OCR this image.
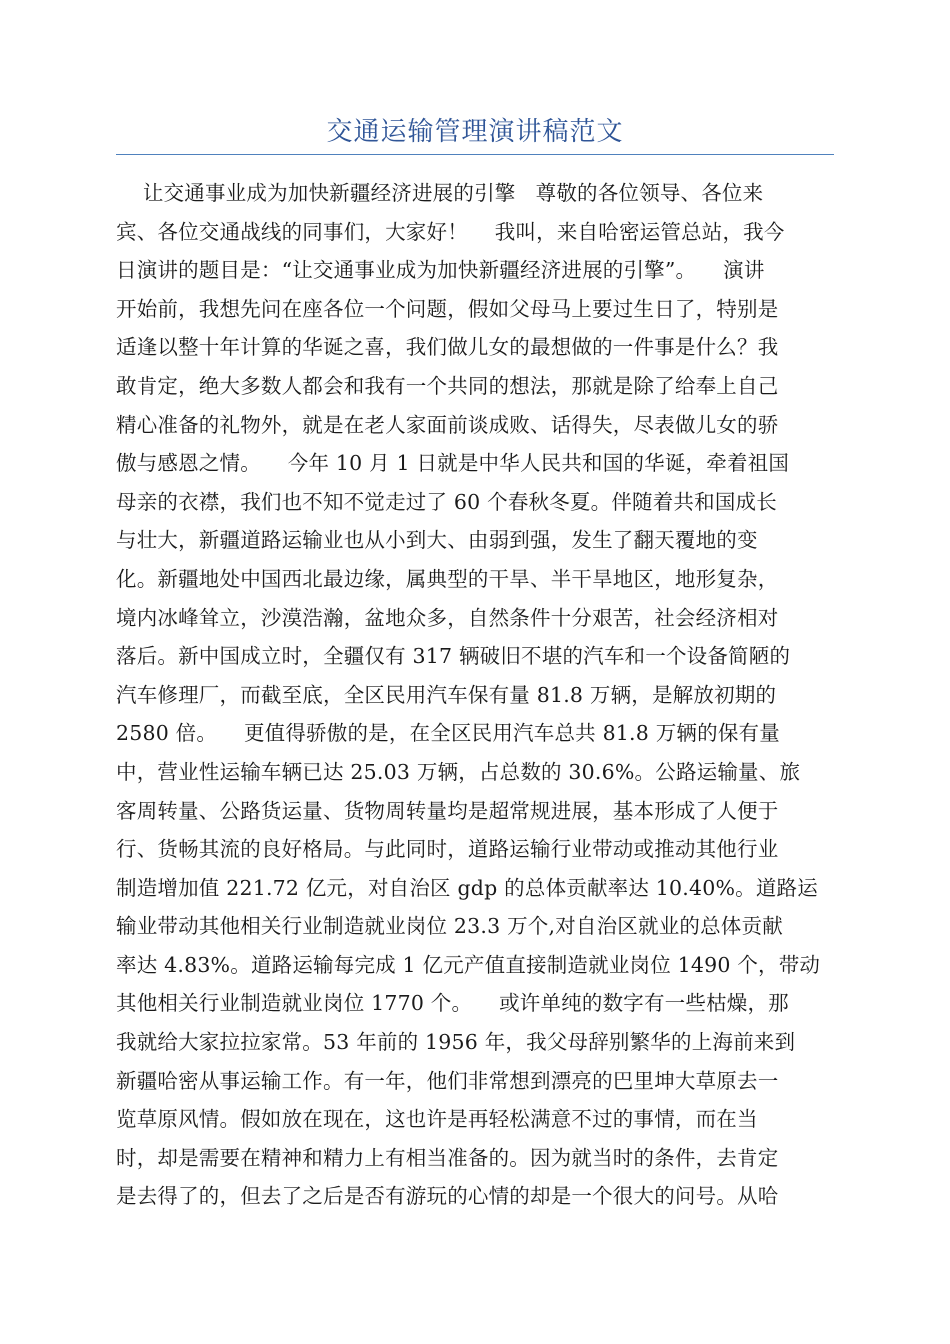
交通运输管理演讲稿范文
让交通事业成为加快新疆经济进展的引擎   尊敬的各位领导、各位来
宾、各位交通战线的同事们，大家好！    我叫，来自哈密运管总站，我今
日演讲的题目是：“让交通事业成为加快新疆经济进展的引擎”。    演讲
开始前，我想先问在座各位一个问题，假如父母马上要过生日了，特别是
适逢以整十年计算的华诞之喜，我们做儿女的最想做的一件事是什么？我
敢肯定，绝大多数人都会和我有一个共同的想法，那就是除了给奉上自己
精心准备的礼物外，就是在老人家面前谈成败、话得失，尽表做儿女的骄
傲与感恩之情。    今年 10 月 1 日就是中华人民共和国的华诞，牵着祖国
母亲的衣襟，我们也不知不觉走过了 60 个春秋冬夏。伴随着共和国成长
与壮大，新疆道路运输业也从小到大、由弱到强，发生了翻天覆地的变
化。新疆地处中国西北最边缘，属典型的干旱、半干旱地区，地形复杂，
境内冰峰耸立，沙漠浩瀚，盆地众多，自然条件十分艰苦，社会经济相对
落后。新中国成立时，全疆仅有 317 辆破旧不堪的汽车和一个设备简陋的
汽车修理厂，而截至底，全区民用汽车保有量 81.8 万辆，是解放初期的
2580 倍。    更值得骄傲的是，在全区民用汽车总共 81.8 万辆的保有量
中，营业性运输车辆已达 25.03 万辆，占总数的 30.6%。公路运输量、旅
客周转量、公路货运量、货物周转量均是超常规进展，基本形成了人便于
行、货畅其流的良好格局。与此同时，道路运输行业带动或推动其他行业
制造增加值 221.72 亿元，对自治区 gdp 的总体贡献率达 10.40%。道路运
输业带动其他相关行业制造就业岗位 23.3 万个,对自治区就业的总体贡献
率达 4.83%。道路运输每完成 1 亿元产值直接制造就业岗位 1490 个，带动
其他相关行业制造就业岗位 1770 个。    或许单纯的数字有一些枯燥，那
我就给大家拉拉家常。53 年前的 1956 年，我父母辞别繁华的上海前来到
新疆哈密从事运输工作。有一年，他们非常想到漂亮的巴里坤大草原去一
览草原风情。假如放在现在，这也许是再轻松满意不过的事情，而在当
时，却是需要在精神和精力上有相当准备的。因为就当时的条件，去肯定
是去得了的，但去了之后是否有游玩的心情的却是一个很大的问号。从哈
